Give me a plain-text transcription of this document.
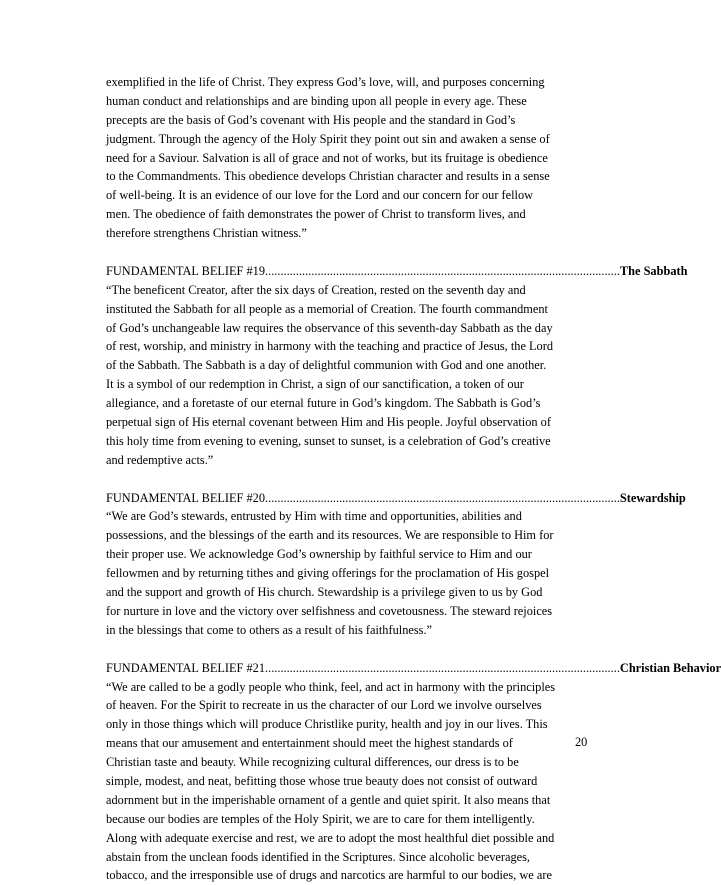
exemplified in the life of Christ. They express God’s love, will, and purposes concerning
human conduct and relationships and are binding upon all people in every age. These
precepts are the basis of God’s covenant with His people and the standard in God’s
judgment. Through the agency of the Holy Spirit they point out sin and awaken a sense of
need for a Saviour. Salvation is all of grace and not of works, but its fruitage is obedience
to the Commandments. This obedience develops Christian character and results in a sense
of well-being. It is an evidence of our love for the Lord and our concern for our fellow
men. The obedience of faith demonstrates the power of Christ to transform lives, and
therefore strengthens Christian witness.”
FUNDAMENTAL BELIEF #19 ................................................................................................................... The Sabbath
“The beneficent Creator, after the six days of Creation, rested on the seventh day and
instituted the Sabbath for all people as a memorial of Creation. The fourth commandment
of God’s unchangeable law requires the observance of this seventh-day Sabbath as the day
of rest, worship, and ministry in harmony with the teaching and practice of Jesus, the Lord
of the Sabbath. The Sabbath is a day of delightful communion with God and one another.
It is a symbol of our redemption in Christ, a sign of our sanctification, a token of our
allegiance, and a foretaste of our eternal future in God’s kingdom. The Sabbath is God’s
perpetual sign of His eternal covenant between Him and His people. Joyful observation of
this holy time from evening to evening, sunset to sunset, is a celebration of God’s creative
and redemptive acts.”
FUNDAMENTAL BELIEF #20 ................................................................................................................... Stewardship
“We are God’s stewards, entrusted by Him with time and opportunities, abilities and
possessions, and the blessings of the earth and its resources. We are responsible to Him for
their proper use. We acknowledge God’s ownership by faithful service to Him and our
fellowmen and by returning tithes and giving offerings for the proclamation of His gospel
and the support and growth of His church. Stewardship is a privilege given to us by God
for nurture in love and the victory over selfishness and covetousness. The steward rejoices
in the blessings that come to others as a result of his faithfulness.”
FUNDAMENTAL BELIEF #21 ................................................................................................................... Christian Behavior
“We are called to be a godly people who think, feel, and act in harmony with the principles
of heaven. For the Spirit to recreate in us the character of our Lord we involve ourselves
only in those things which will produce Christlike purity, health and joy in our lives. This
means that our amusement and entertainment should meet the highest standards of
Christian taste and beauty. While recognizing cultural differences, our dress is to be
simple, modest, and neat, befitting those whose true beauty does not consist of outward
adornment but in the imperishable ornament of a gentle and quiet spirit. It also means that
because our bodies are temples of the Holy Spirit, we are to care for them intelligently.
Along with adequate exercise and rest, we are to adopt the most healthful diet possible and
abstain from the unclean foods identified in the Scriptures. Since alcoholic beverages,
tobacco, and the irresponsible use of drugs and narcotics are harmful to our bodies, we are
20
